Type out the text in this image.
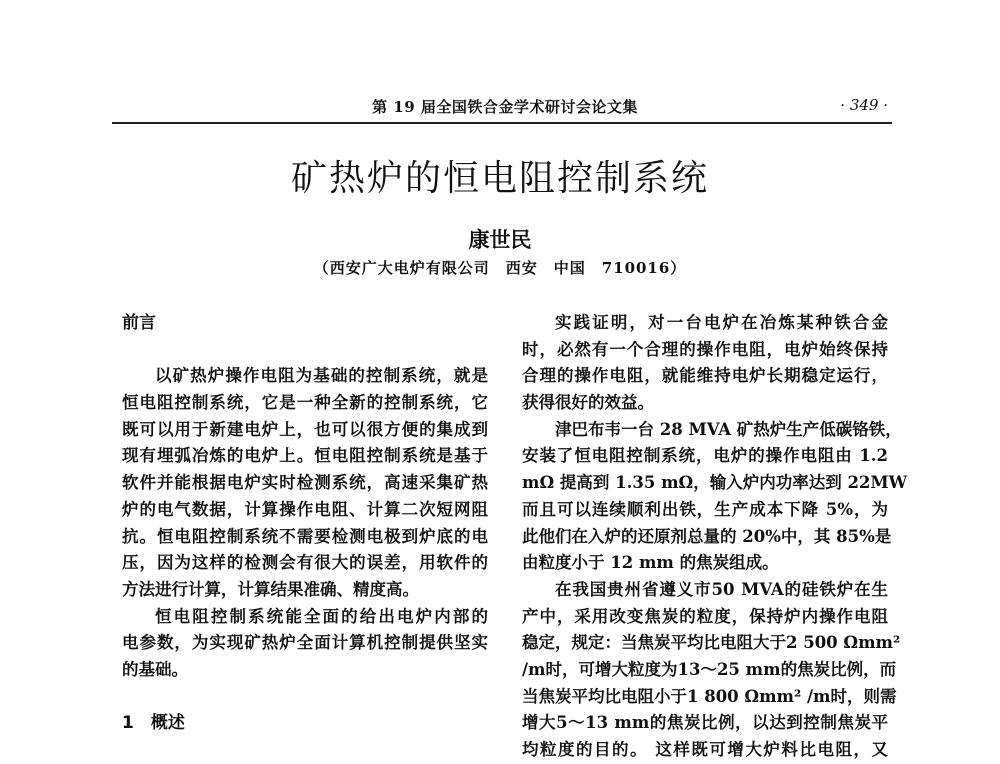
第 19 届全国铁合金学术研讨会论文集	· 349 ·
矿热炉的恒电阻控制系统
康世民
（西安广大电炉有限公司　西安　中国　710016）
前言
以矿热炉操作电阻为基础的控制系统，就是
恒电阻控制系统，它是一种全新的控制系统，它
既可以用于新建电炉上，也可以很方便的集成到
现有埋弧冶炼的电炉上。恒电阻控制系统是基于
软件并能根据电炉实时检测系统，高速采集矿热
炉的电气数据，计算操作电阻、计算二次短网阻
抗。恒电阻控制系统不需要检测电极到炉底的电
压，因为这样的检测会有很大的误差，用软件的
方法进行计算，计算结果准确、精度高。
恒电阻控制系统能全面的给出电炉内部的
电参数，为实现矿热炉全面计算机控制提供坚实
的基础。
1　概述
实践证明，对一台电炉在冶炼某种铁合金
时，必然有一个合理的操作电阻，电炉始终保持
合理的操作电阻，就能维持电炉长期稳定运行，
获得很好的效益。
津巴布韦一台 28 MVA 矿热炉生产低碳铬铁，
安装了恒电阻控制系统，电炉的操作电阻由 1.2
mΩ 提高到 1.35 mΩ，输入炉内功率达到 22MW
而且可以连续顺利出铁，生产成本下降 5%，为
此他们在入炉的还原剂总量的 20%中，其 85%是
由粒度小于 12 mm 的焦炭组成。
在我国贵州省遵义市50 MVA的硅铁炉在生
产中，采用改变焦炭的粒度，保持炉内操作电阻
稳定，规定：当焦炭平均比电阻大于2 500 Ωmm²
/m时，可增大粒度为13～25 mm的焦炭比例，而
当焦炭平均比电阻小于1 800 Ωmm² /m时，则需
增大5～13 mm的焦炭比例，以达到控制焦炭平
均粒度的目的。 这样既可增大炉料比电阻，又
